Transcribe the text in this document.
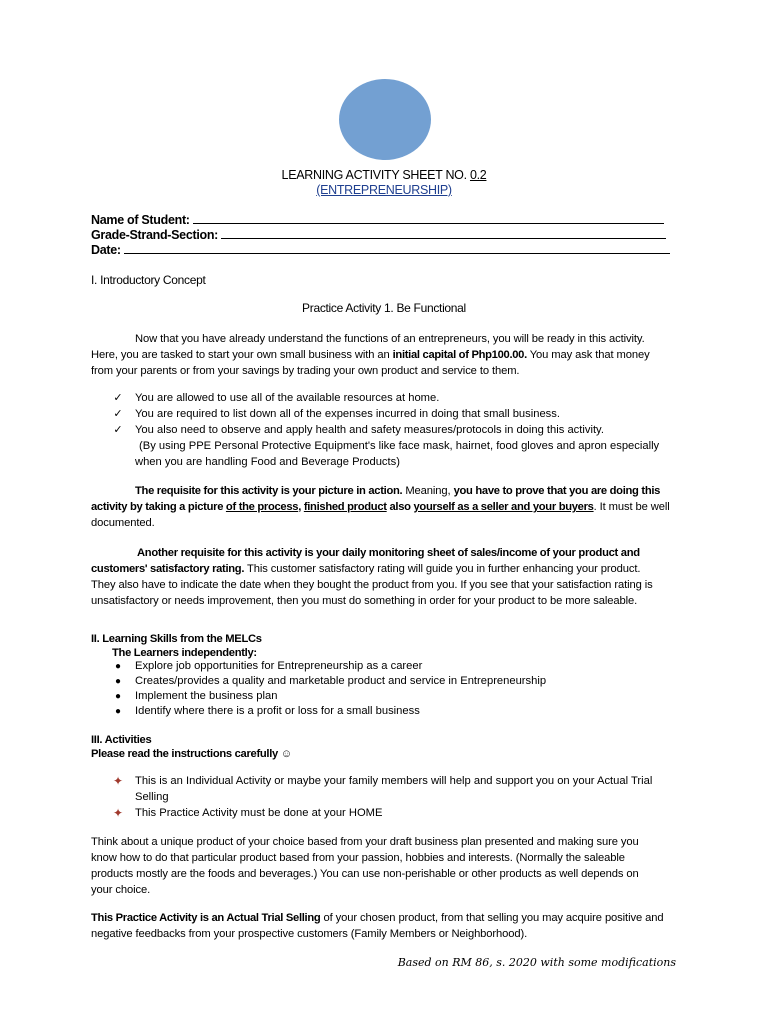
LEARNING ACTIVITY SHEET NO. 0.2
(ENTREPRENEURSHIP)
Name of Student:
Grade-Strand-Section:
Date:
I. Introductory Concept
Practice Activity 1. Be Functional
Now that you have already understand the functions of an entrepreneurs, you will be ready in this activity.
Here, you are tasked to start your own small business with an initial capital of Php100.00. You may ask that money
from your parents or from your savings by trading your own product and service to them.
✓ You are allowed to use all of the available resources at home.
✓ You are required to list down all of the expenses incurred in doing that small business.
✓ You also need to observe and apply health and safety measures/protocols in doing this activity.
(By using PPE Personal Protective Equipment's like face mask, hairnet, food gloves and apron especially
when you are handling Food and Beverage Products)
The requisite for this activity is your picture in action. Meaning, you have to prove that you are doing this
activity by taking a picture of the process, finished product also yourself as a seller and your buyers. It must be well
documented.
Another requisite for this activity is your daily monitoring sheet of sales/income of your product and
customers' satisfactory rating. This customer satisfactory rating will guide you in further enhancing your product.
They also have to indicate the date when they bought the product from you. If you see that your satisfaction rating is
unsatisfactory or needs improvement, then you must do something in order for your product to be more saleable.
II. Learning Skills from the MELCs
The Learners independently:
● Explore job opportunities for Entrepreneurship as a career
● Creates/provides a quality and marketable product and service in Entrepreneurship
● Implement the business plan
● Identify where there is a profit or loss for a small business
III. Activities
Please read the instructions carefully ☺
✦ This is an Individual Activity or maybe your family members will help and support you on your Actual Trial
Selling
✦ This Practice Activity must be done at your HOME
Think about a unique product of your choice based from your draft business plan presented and making sure you
know how to do that particular product based from your passion, hobbies and interests. (Normally the saleable
products mostly are the foods and beverages.) You can use non-perishable or other products as well depends on
your choice.
This Practice Activity is an Actual Trial Selling of your chosen product, from that selling you may acquire positive and
negative feedbacks from your prospective customers (Family Members or Neighborhood).
Based on RM 86, s. 2020 with some modifications
